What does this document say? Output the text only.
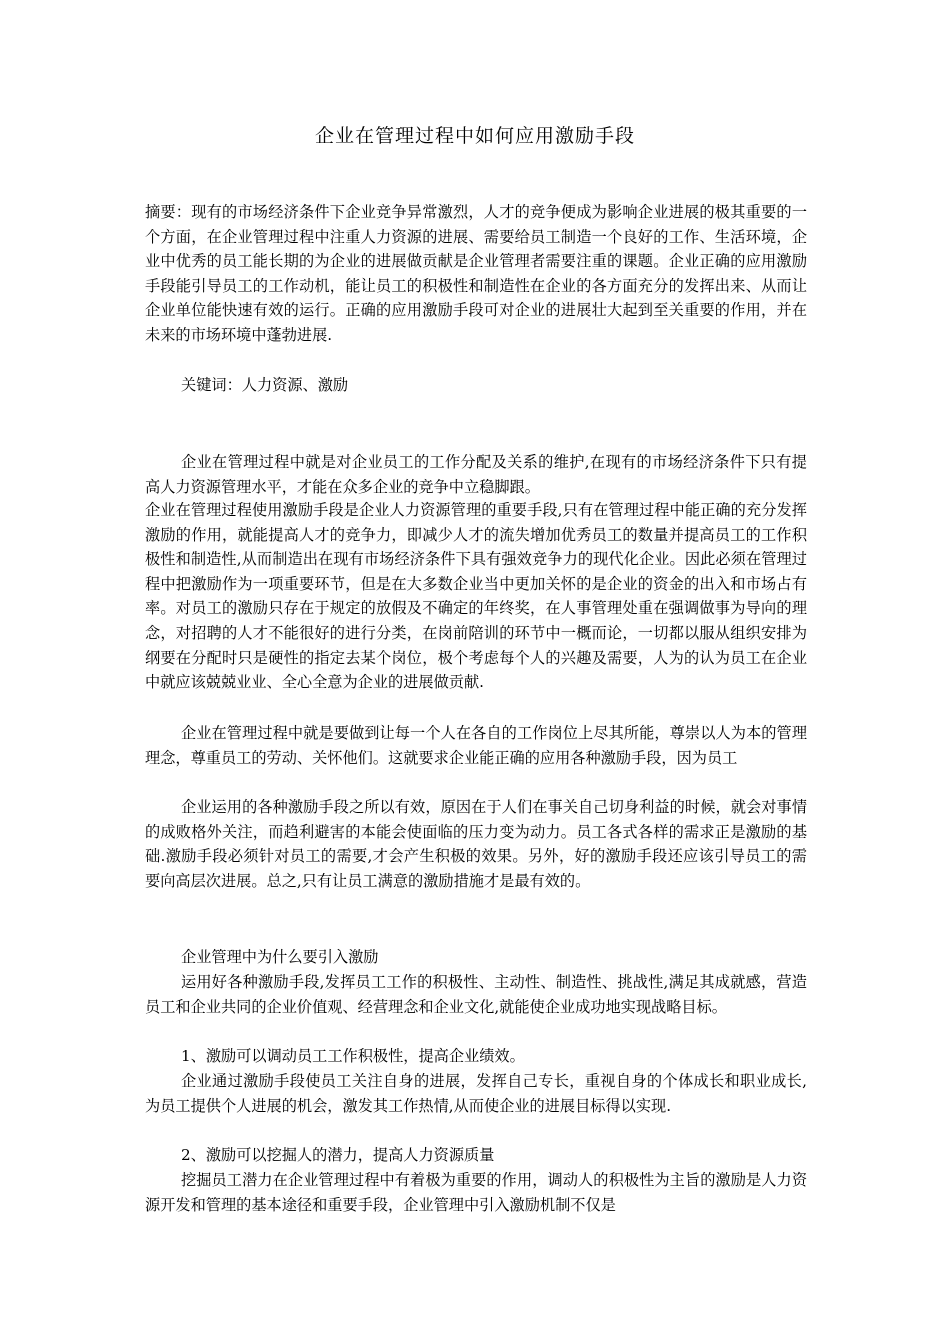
企业在管理过程中如何应用激励手段

摘要：现有的市场经济条件下企业竞争异常激烈，人才的竞争便成为影响企业进展的极其重要的一个方面，在企业管理过程中注重人力资源的进展、需要给员工制造一个良好的工作、生活环境，企业中优秀的员工能长期的为企业的进展做贡献是企业管理者需要注重的课题。企业正确的应用激励手段能引导员工的工作动机，能让员工的积极性和制造性在企业的各方面充分的发挥出来、从而让企业单位能快速有效的运行。正确的应用激励手段可对企业的进展壮大起到至关重要的作用，并在未来的市场环境中蓬勃进展.

关键词：人力资源、激励

企业在管理过程中就是对企业员工的工作分配及关系的维护,在现有的市场经济条件下只有提高人力资源管理水平，才能在众多企业的竞争中立稳脚跟。

企业在管理过程使用激励手段是企业人力资源管理的重要手段,只有在管理过程中能正确的充分发挥激励的作用，就能提高人才的竞争力，即减少人才的流失增加优秀员工的数量并提高员工的工作积极性和制造性,从而制造出在现有市场经济条件下具有强效竞争力的现代化企业。因此必须在管理过程中把激励作为一项重要环节，但是在大多数企业当中更加关怀的是企业的资金的出入和市场占有率。对员工的激励只存在于规定的放假及不确定的年终奖，在人事管理处重在强调做事为导向的理念，对招聘的人才不能很好的进行分类，在岗前陪训的环节中一概而论，一切都以服从组织安排为纲要在分配时只是硬性的指定去某个岗位，极个考虑每个人的兴趣及需要，人为的认为员工在企业中就应该兢兢业业、全心全意为企业的进展做贡献.

企业在管理过程中就是要做到让每一个人在各自的工作岗位上尽其所能，尊崇以人为本的管理理念，尊重员工的劳动、关怀他们。这就要求企业能正确的应用各种激励手段，因为员工

企业运用的各种激励手段之所以有效，原因在于人们在事关自己切身利益的时候，就会对事情的成败格外关注，而趋利避害的本能会使面临的压力变为动力。员工各式各样的需求正是激励的基础.激励手段必须针对员工的需要,才会产生积极的效果。另外，好的激励手段还应该引导员工的需要向高层次进展。总之,只有让员工满意的激励措施才是最有效的。

企业管理中为什么要引入激励

运用好各种激励手段,发挥员工工作的积极性、主动性、制造性、挑战性,满足其成就感，营造员工和企业共同的企业价值观、经营理念和企业文化,就能使企业成功地实现战略目标。

1、激励可以调动员工工作积极性，提高企业绩效。

企业通过激励手段使员工关注自身的进展，发挥自己专长，重视自身的个体成长和职业成长,为员工提供个人进展的机会，激发其工作热情,从而使企业的进展目标得以实现.

2、激励可以挖掘人的潜力，提高人力资源质量

挖掘员工潜力在企业管理过程中有着极为重要的作用，调动人的积极性为主旨的激励是人力资源开发和管理的基本途径和重要手段，企业管理中引入激励机制不仅是
